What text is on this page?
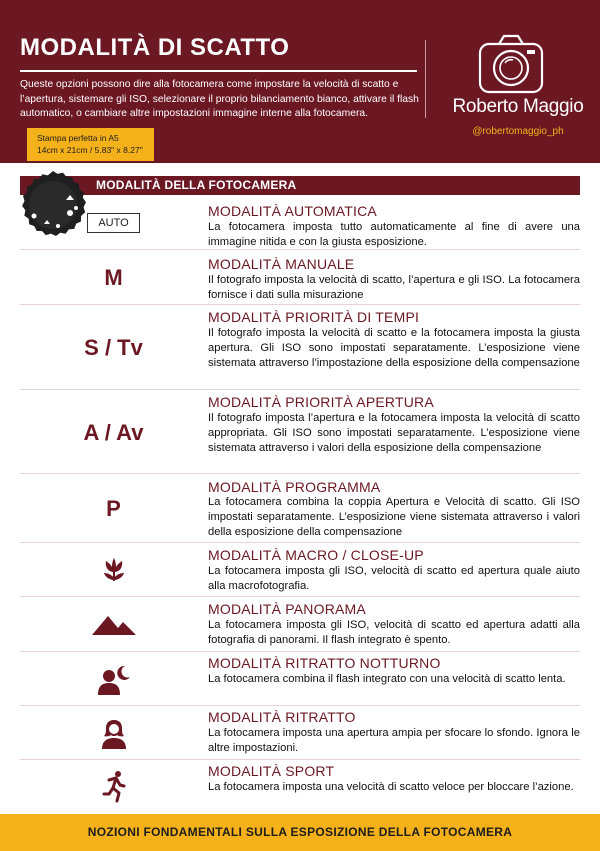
MODALITÀ DI SCATTO
Queste opzioni possono dire alla fotocamera come impostare la velocità di scatto e l’apertura, sistemare gli ISO, selezionare il proprio bilanciamento bianco, attivare il flash automatico, o cambiare altre impostazioni immagine interne alla fotocamera.	Roberto Maggio
@robertomaggio_ph
Stampa perfetta in A5
14cm x 21cm / 5.83" x 8.27"
MODALITÀ DELLA FOTOCAMERA
AUTO
MODALITÀ AUTOMATICA
La fotocamera imposta tutto automaticamente al fine di avere una immagine nitida e con la giusta esposizione.
M
MODALITÀ MANUALE
Il fotografo imposta la velocità di scatto, l’apertura e gli ISO. La fotocamera fornisce i dati sulla misurazione
S / Tv
MODALITÀ PRIORITÀ DI TEMPI
Il fotografo imposta la velocità di scatto e la fotocamera imposta la giusta apertura. Gli ISO sono impostati separatamente. L’esposizione viene sistemata attraverso l’impostazione della esposizione della compensazione
A / Av
MODALITÀ PRIORITÀ APERTURA
Il fotografo imposta l’apertura e la fotocamera imposta la velocità di scatto appropriata. Gli ISO sono impostati separatamente. L’esposizione viene sistemata attraverso i valori della esposizione della compensazione
P
MODALITÀ PROGRAMMA
La fotocamera combina la coppia Apertura e Velocità di scatto. Gli ISO impostati separatamente. L’esposizione viene sistemata attraverso i valori della esposizione della compensazione
MODALITÀ MACRO / CLOSE-UP
La fotocamera imposta gli ISO, velocità di scatto ed apertura quale aiuto alla macrofotografia.
MODALITÀ PANORAMA
La fotocamera imposta gli ISO, velocità di scatto ed apertura adatti alla fotografia di panorami. Il flash integrato è spento.
MODALITÀ RITRATTO NOTTURNO
La fotocamera combina il flash integrato con una velocità di scatto lenta.
MODALITÀ RITRATTO
La fotocamera imposta una apertura ampia per sfocare lo sfondo. Ignora le altre impostazioni.
MODALITÀ SPORT
La fotocamera imposta una velocità di scatto veloce per bloccare l’azione.
NOZIONI FONDAMENTALI SULLA ESPOSIZIONE DELLA FOTOCAMERA
